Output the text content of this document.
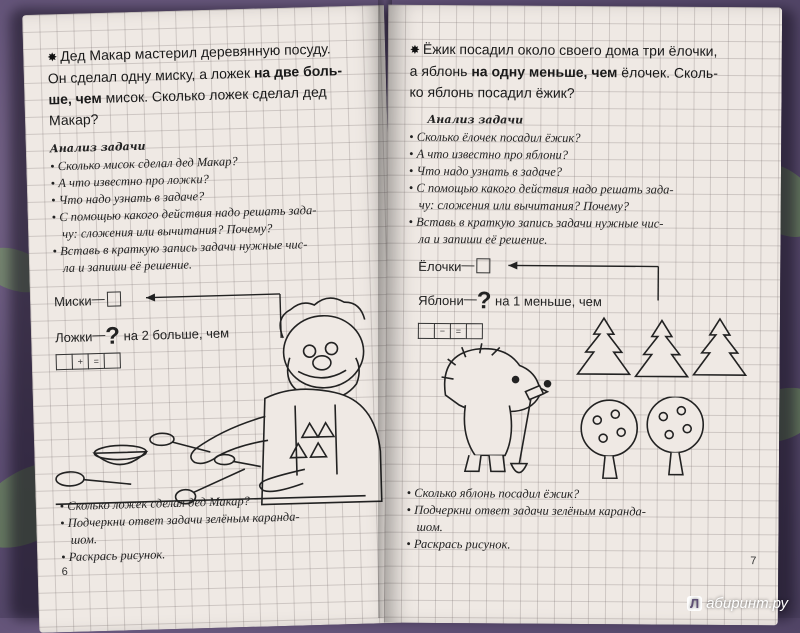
✸ Дед Макар мастерил деревянную посуду.
Он сделал одну миску, а ложек на две боль-
ше, чем мисок. Сколько ложек сделал дед
Макар?
Анализ задачи
• Сколько мисок сделал дед Макар?
• А что известно про ложки?
• Что надо узнать в задаче?
• С помощью какого действия надо решать зада-
чу: сложения или вычитания? Почему?
• Вставь в краткую запись задачи нужные чис-
ла и запиши её решение.
Миски—
Ложки—? на 2 больше, чем
+	=
• Сколько ложек сделал дед Макар?
• Подчеркни ответ задачи зелёным каранда-
шом.
• Раскрась рисунок.
6
✸ Ёжик посадил около своего дома три ёлочки,
а яблонь на одну меньше, чем ёлочек. Сколь-
ко яблонь посадил ёжик?
Анализ задачи
• Сколько ёлочек посадил ёжик?
• А что известно про яблони?
• Что надо узнать в задаче?
• С помощью какого действия надо решать зада-
чу: сложения или вычитания? Почему?
• Вставь в краткую запись задачи нужные чис-
ла и запиши её решение.
Ёлочки—
Яблони—? на 1 меньше, чем
−	=
• Сколько яблонь посадил ёжик?
• Подчеркни ответ задачи зелёным каранда-
шом.
• Раскрась рисунок.
7
Л абиринт.ру
